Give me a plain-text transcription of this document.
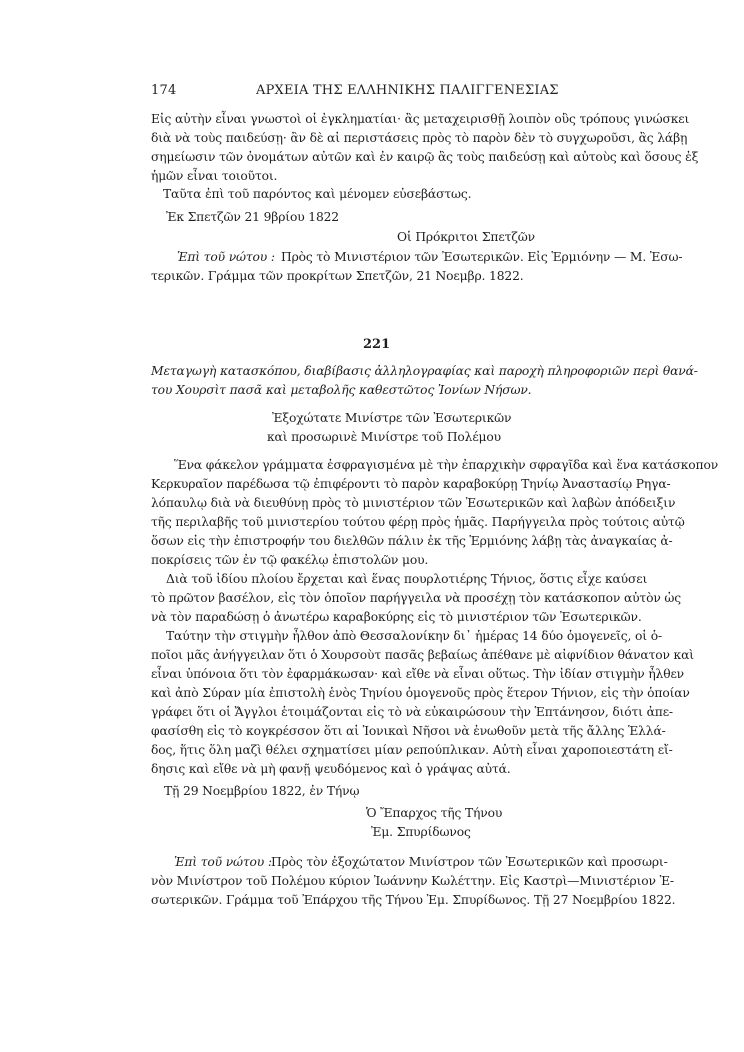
174	ΑΡΧΕΙΑ ΤΗΣ ΕΛΛΗΝΙΚΗΣ ΠΑΛΙΓΓΕΝΕΣΙΑΣ
Εἰς αὐτὴν εἶναι γνωστοὶ οἱ ἐγκληματίαι· ἂς μεταχειρισθῇ λοιπὸν οὓς τρόπους γινώσκει
διὰ νὰ τοὺς παιδεύσῃ· ἂν δὲ αἱ περιστάσεις πρὸς τὸ παρὸν δὲν τὸ συγχωροῦσι, ἂς λάβῃ
σημείωσιν τῶν ὀνομάτων αὐτῶν καὶ ἐν καιρῷ ἂς τοὺς παιδεύσῃ καὶ αὐτοὺς καὶ ὅσους ἐξ
ἡμῶν εἶναι τοιοῦτοι.
Ταῦτα ἐπὶ τοῦ παρόντος καὶ μένομεν εὐσεβάστως.
Ἐκ Σπετζῶν 21 9βρίου 1822
Οἱ Πρόκριτοι Σπετζῶν
Ἐπὶ τοῦ νώτου : Πρὸς τὸ Μινιστέριον τῶν Ἐσωτερικῶν. Εἰς Ἑρμιόνην — Μ. Ἐσω-
τερικῶν. Γράμμα τῶν προκρίτων Σπετζῶν, 21 Νοεμβρ. 1822.
221
Μεταγωγὴ κατασκόπου, διαβίβασις ἀλληλογραφίας καὶ παροχὴ πληροφοριῶν περὶ θανά-
του Χουρσὶτ πασᾶ καὶ μεταβολῆς καθεστῶτος Ἰονίων Νήσων.
Ἐξοχώτατε Μινίστρε τῶν Ἐσωτερικῶν
καὶ προσωρινὲ Μινίστρε τοῦ Πολέμου
Ἕνα φάκελον γράμματα ἐσφραγισμένα μὲ τὴν ἐπαρχικὴν σφραγῖδα καὶ ἕνα κατάσκοπον
Κερκυραῖον παρέδωσα τῷ ἐπιφέροντι τὸ παρὸν καραβοκύρῃ Τηνίῳ Ἀναστασίῳ Ρηγα-
λόπαυλῳ διὰ νὰ διευθύνῃ πρὸς τὸ μινιστέριον τῶν Ἐσωτερικῶν καὶ λαβὼν ἀπόδειξιν
τῆς περιλαβῆς τοῦ μινιστερίου τούτου φέρῃ πρὸς ἡμᾶς. Παρήγγειλα πρὸς τούτοις αὐτῷ
ὅσων εἰς τὴν ἐπιστροφήν του διελθῶν πάλιν ἐκ τῆς Ἑρμιόνης λάβῃ τὰς ἀναγκαίας ἀ-
ποκρίσεις τῶν ἐν τῷ φακέλῳ ἐπιστολῶν μου.
Διὰ τοῦ ἰδίου πλοίου ἔρχεται καὶ ἕνας πουρλοτιέρης Τήνιος, ὅστις εἶχε καύσει
τὸ πρῶτον βασέλον, εἰς τὸν ὁποῖον παρήγγειλα νὰ προσέχῃ τὸν κατάσκοπον αὐτὸν ὡς
νὰ τὸν παραδώσῃ ὁ ἀνωτέρω καραβοκύρης εἰς τὸ μινιστέριον τῶν Ἐσωτερικῶν.
Ταύτην τὴν στιγμὴν ἦλθον ἀπὸ Θεσσαλονίκην δι᾽ ἡμέρας 14 δύο ὁμογενεῖς, οἱ ὁ-
ποῖοι μᾶς ἀνήγγειλαν ὅτι ὁ Χουρσοὺτ πασᾶς βεβαίως ἀπέθανε μὲ αἰφνίδιον θάνατον καὶ
εἶναι ὑπόνοια ὅτι τὸν ἐφαρμάκωσαν· καὶ εἴθε νὰ εἶναι οὕτως. Τὴν ἰδίαν στιγμὴν ἦλθεν
καὶ ἀπὸ Σύραν μία ἐπιστολὴ ἑνὸς Τηνίου ὁμογενοῦς πρὸς ἕτερον Τήνιον, εἰς τὴν ὁποίαν
γράφει ὅτι οἱ Ἄγγλοι ἑτοιμάζονται εἰς τὸ νὰ εὐκαιρώσουν τὴν Ἑπτάνησον, διότι ἀπε-
φασίσθη εἰς τὸ κογκρέσσον ὅτι αἱ Ἰονικαὶ Νῆσοι νὰ ἑνωθοῦν μετὰ τῆς ἄλλης Ἑλλά-
δος, ἥτις ὅλη μαζὶ θέλει σχηματίσει μίαν ρεπούπλικαν. Αὐτὴ εἶναι χαροποιεστάτη εἴ-
δησις καὶ εἴθε νὰ μὴ φανῇ ψευδόμενος καὶ ὁ γράψας αὐτά.
Τῇ 29 Νοεμβρίου 1822, ἐν Τήνῳ
Ὁ Ἔπαρχος τῆς Τήνου
Ἐμ. Σπυρίδωνος
Ἐπὶ τοῦ νώτου : Πρὸς τὸν ἐξοχώτατον Μινίστρον τῶν Ἐσωτερικῶν καὶ προσωρι-
νὸν Μινίστρον τοῦ Πολέμου κύριον Ἰωάννην Κωλέττην. Εἰς Καστρὶ—Μινιστέριον Ἐ-
σωτερικῶν. Γράμμα τοῦ Ἐπάρχου τῆς Τήνου Ἐμ. Σπυρίδωνος. Τῇ 27 Νοεμβρίου 1822.
